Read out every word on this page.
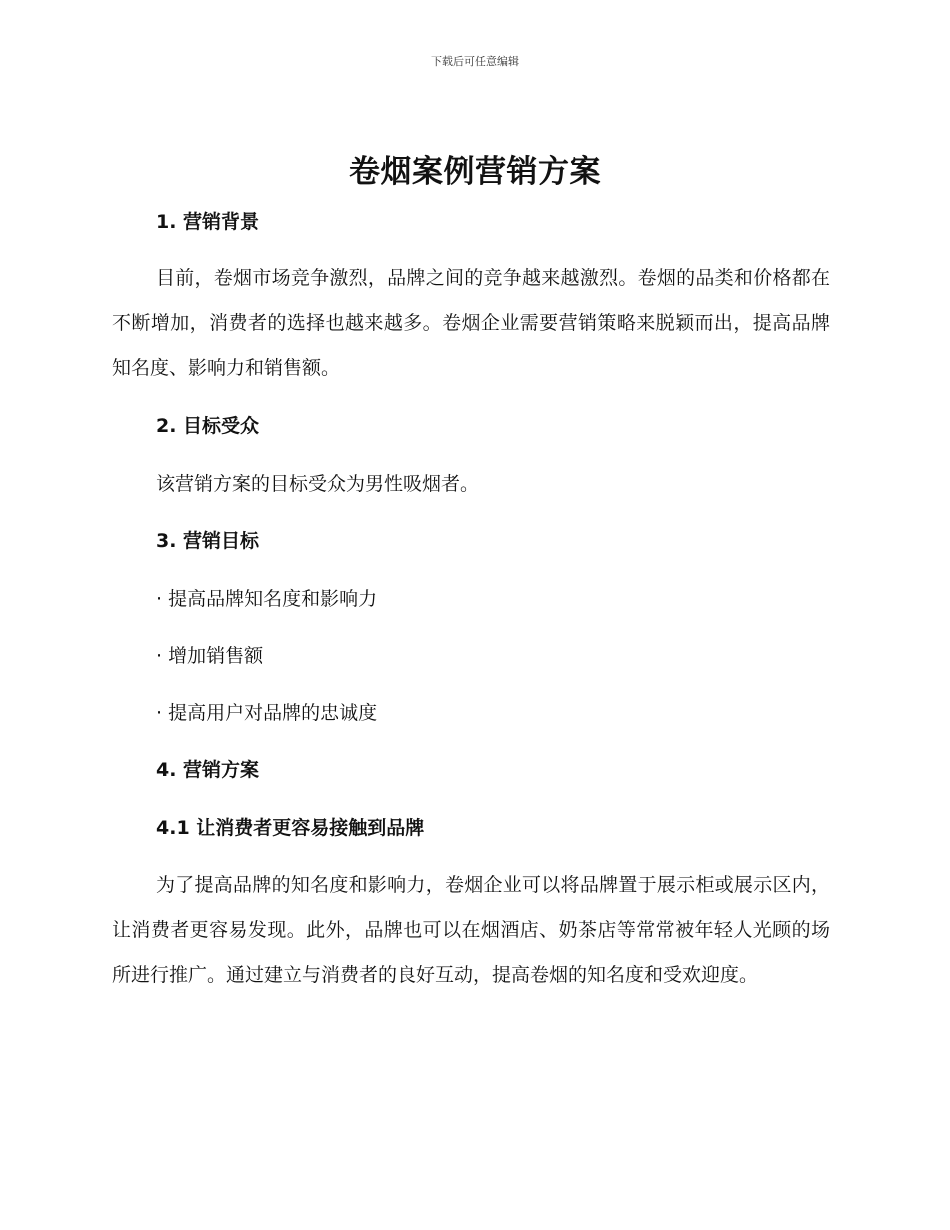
下载后可任意编辑
卷烟案例营销方案
1. 营销背景

目前，卷烟市场竞争激烈，品牌之间的竞争越来越激烈。卷烟的品类和价格都在不断增加，消费者的选择也越来越多。卷烟企业需要营销策略来脱颖而出，提高品牌知名度、影响力和销售额。

2. 目标受众

该营销方案的目标受众为男性吸烟者。

3. 营销目标

· 提高品牌知名度和影响力

· 增加销售额

· 提高用户对品牌的忠诚度

4. 营销方案
4.1 让消费者更容易接触到品牌

为了提高品牌的知名度和影响力，卷烟企业可以将品牌置于展示柜或展示区内，让消费者更容易发现。此外，品牌也可以在烟酒店、奶茶店等常常被年轻人光顾的场所进行推广。通过建立与消费者的良好互动，提高卷烟的知名度和受欢迎度。
